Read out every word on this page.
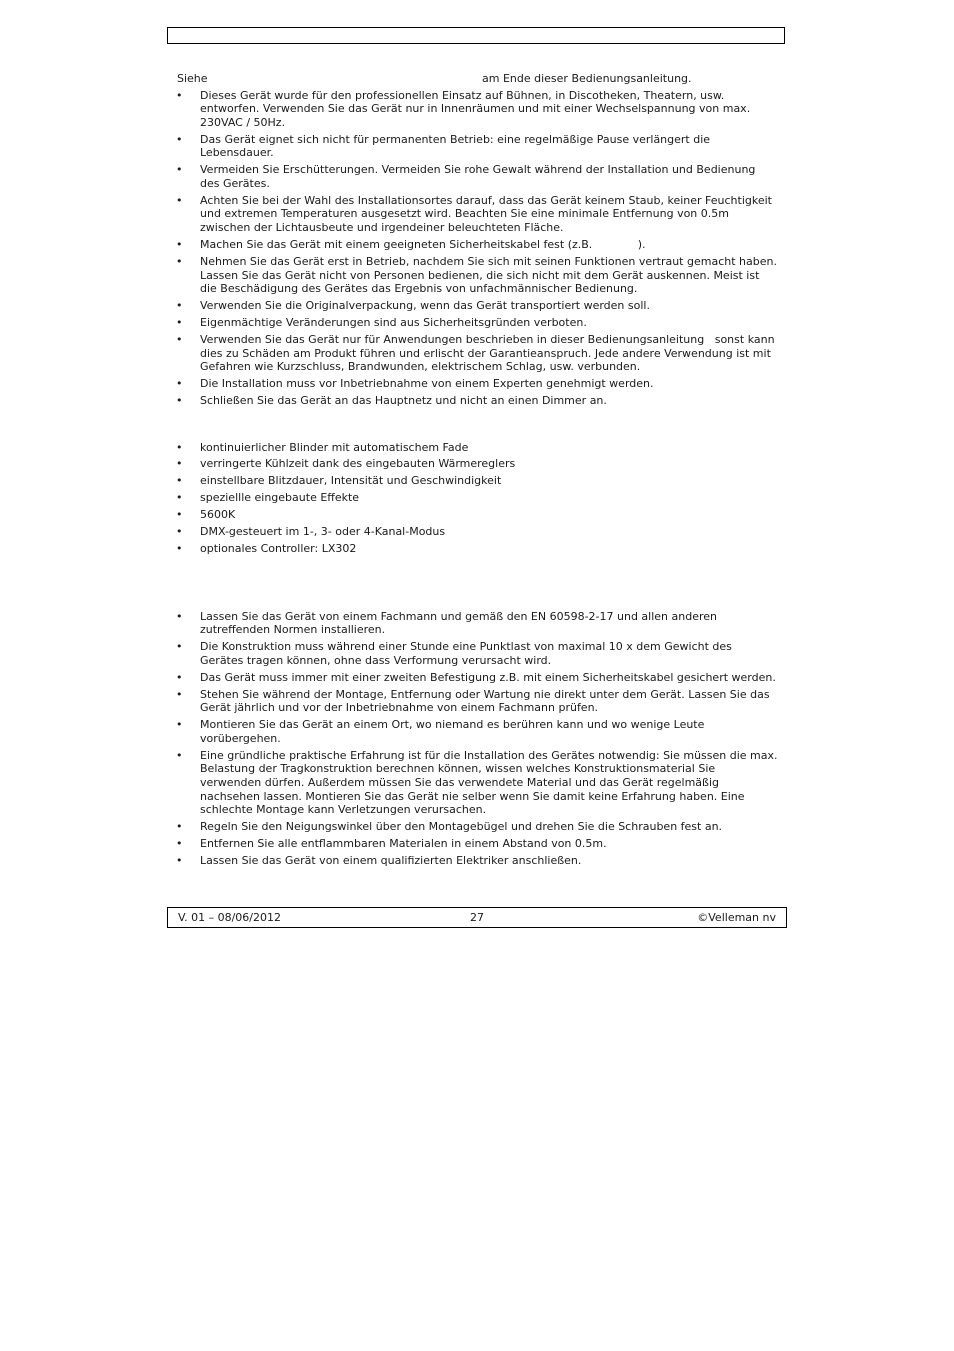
Siehe	am Ende dieser Bedienungsanleitung.
•	Dieses Gerät wurde für den professionellen Einsatz auf Bühnen, in Discotheken, Theatern, usw. entworfen. Verwenden Sie das Gerät nur in Innenräumen und mit einer Wechselspannung von max. 230VAC / 50Hz.
•	Das Gerät eignet sich nicht für permanenten Betrieb: eine regelmäßige Pause verlängert die Lebensdauer.
•	Vermeiden Sie Erschütterungen. Vermeiden Sie rohe Gewalt während der Installation und Bedienung des Gerätes.
•	Achten Sie bei der Wahl des Installationsortes darauf, dass das Gerät keinem Staub, keiner Feuchtigkeit und extremen Temperaturen ausgesetzt wird. Beachten Sie eine minimale Entfernung von 0.5m zwischen der Lichtausbeute und irgendeiner beleuchteten Fläche.
•	Machen Sie das Gerät mit einem geeigneten Sicherheitskabel fest (z.B.             ).
•	Nehmen Sie das Gerät erst in Betrieb, nachdem Sie sich mit seinen Funktionen vertraut gemacht haben. Lassen Sie das Gerät nicht von Personen bedienen, die sich nicht mit dem Gerät auskennen. Meist ist die Beschädigung des Gerätes das Ergebnis von unfachmännischer Bedienung.
•	Verwenden Sie die Originalverpackung, wenn das Gerät transportiert werden soll.
•	Eigenmächtige Veränderungen sind aus Sicherheitsgründen verboten.
•	Verwenden Sie das Gerät nur für Anwendungen beschrieben in dieser Bedienungsanleitung   sonst kann dies zu Schäden am Produkt führen und erlischt der Garantieanspruch. Jede andere Verwendung ist mit Gefahren wie Kurzschluss, Brandwunden, elektrischem Schlag, usw. verbunden.
•	Die Installation muss vor Inbetriebnahme von einem Experten genehmigt werden.
•	Schließen Sie das Gerät an das Hauptnetz und nicht an einen Dimmer an.
•	kontinuierlicher Blinder mit automatischem Fade
•	verringerte Kühlzeit dank des eingebauten Wärmereglers
•	einstellbare Blitzdauer, Intensität und Geschwindigkeit
•	speziellle eingebaute Effekte
•	5600K
•	DMX-gesteuert im 1-, 3- oder 4-Kanal-Modus
•	optionales Controller: LX302
•	Lassen Sie das Gerät von einem Fachmann und gemäß den EN 60598-2-17 und allen anderen zutreffenden Normen installieren.
•	Die Konstruktion muss während einer Stunde eine Punktlast von maximal 10 x dem Gewicht des Gerätes tragen können, ohne dass Verformung verursacht wird.
•	Das Gerät muss immer mit einer zweiten Befestigung z.B. mit einem Sicherheitskabel gesichert werden.
•	Stehen Sie während der Montage, Entfernung oder Wartung nie direkt unter dem Gerät. Lassen Sie das Gerät jährlich und vor der Inbetriebnahme von einem Fachmann prüfen.
•	Montieren Sie das Gerät an einem Ort, wo niemand es berühren kann und wo wenige Leute vorübergehen.
•	Eine gründliche praktische Erfahrung ist für die Installation des Gerätes notwendig: Sie müssen die max. Belastung der Tragkonstruktion berechnen können, wissen welches Konstruktionsmaterial Sie verwenden dürfen. Außerdem müssen Sie das verwendete Material und das Gerät regelmäßig nachsehen lassen. Montieren Sie das Gerät nie selber wenn Sie damit keine Erfahrung haben. Eine schlechte Montage kann Verletzungen verursachen.
•	Regeln Sie den Neigungswinkel über den Montagebügel und drehen Sie die Schrauben fest an.
•	Entfernen Sie alle entflammbaren Materialen in einem Abstand von 0.5m.
•	Lassen Sie das Gerät von einem qualifizierten Elektriker anschließen.
V. 01 – 08/06/2012	27	©Velleman nv
